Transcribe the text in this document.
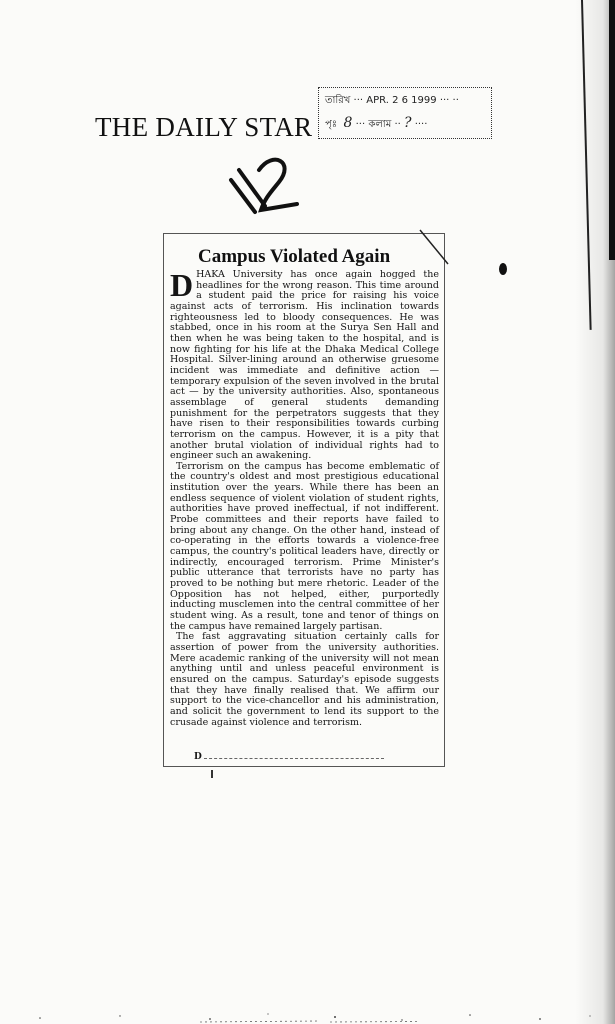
THE DAILY STAR
তারিখ ··· APR. 2 6 1999 ··· ··
পৃঃ 8 ··· কলাম ·· ? ····
Campus Violated Again

DHAKA University has once again hogged the headlines for the wrong reason. This time around a student paid the price for raising his voice against acts of terrorism. His inclination towards righteousness led to bloody consequences. He was stabbed, once in his room at the Surya Sen Hall and then when he was being taken to the hospital, and is now fighting for his life at the Dhaka Medical College Hospital. Silver-lining around an otherwise gruesome incident was immediate and definitive action — temporary expulsion of the seven involved in the brutal act — by the university authorities. Also, spontaneous assemblage of general students demanding punishment for the perpetrators suggests that they have risen to their responsibilities towards curbing terrorism on the campus. However, it is a pity that another brutal violation of individual rights had to engineer such an awakening.

Terrorism on the campus has become emblematic of the country's oldest and most prestigious educational institution over the years. While there has been an endless sequence of violent violation of student rights, authorities have proved ineffectual, if not indifferent. Probe committees and their reports have failed to bring about any change. On the other hand, instead of co-operating in the efforts towards a violence-free campus, the country's political leaders have, directly or indirectly, encouraged terrorism. Prime Minister's public utterance that terrorists have no party has proved to be nothing but mere rhetoric. Leader of the Opposition has not helped, either, purportedly inducting musclemen into the central committee of her student wing. As a result, tone and tenor of things on the campus have remained largely partisan.

The fast aggravating situation certainly calls for assertion of power from the university authorities. Mere academic ranking of the university will not mean anything until and unless peaceful environment is ensured on the campus. Saturday's episode suggests that they have finally realised that. We affirm our support to the vice-chancellor and his administration, and solicit the government to lend its support to the crusade against violence and terrorism.

D
